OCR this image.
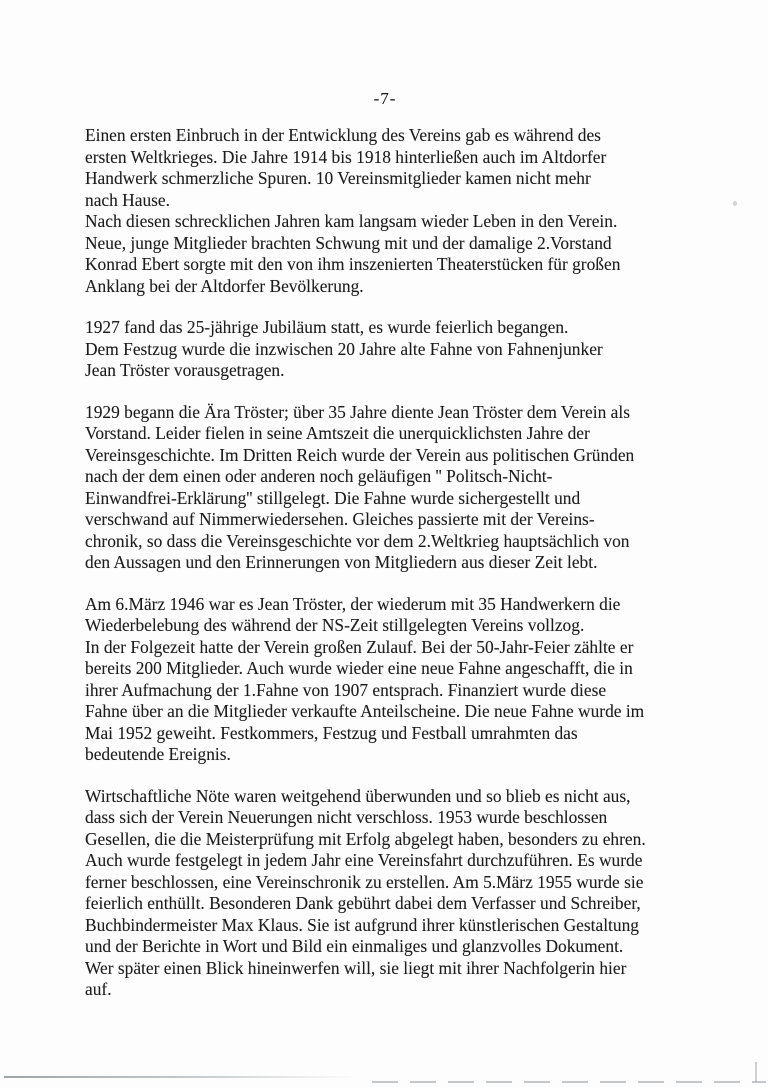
-7-

Einen ersten Einbruch in der Entwicklung des Vereins gab es während des
ersten Weltkrieges. Die Jahre 1914 bis 1918 hinterließen auch im Altdorfer
Handwerk schmerzliche Spuren. 10 Vereinsmitglieder kamen nicht mehr
nach Hause.
Nach diesen schrecklichen Jahren kam langsam wieder Leben in den Verein.
Neue, junge Mitglieder brachten Schwung mit und der damalige 2.Vorstand
Konrad Ebert sorgte mit den von ihm inszenierten Theaterstücken für großen
Anklang bei der Altdorfer Bevölkerung.

1927 fand das 25-jährige Jubiläum statt, es wurde feierlich begangen.
Dem Festzug wurde die inzwischen 20 Jahre alte Fahne von Fahnenjunker
Jean Tröster vorausgetragen.

1929 begann die Ära Tröster; über 35 Jahre diente Jean Tröster dem Verein als
Vorstand. Leider fielen in seine Amtszeit die unerquicklichsten Jahre der
Vereinsgeschichte. Im Dritten Reich wurde der Verein aus politischen Gründen
nach der dem einen oder anderen noch geläufigen '' Politsch-Nicht-
Einwandfrei-Erklärung'' stillgelegt. Die Fahne wurde sichergestellt und
verschwand auf Nimmerwiedersehen. Gleiches passierte mit der Vereins-
chronik, so dass die Vereinsgeschichte vor dem 2.Weltkrieg hauptsächlich von
den Aussagen und den Erinnerungen von Mitgliedern aus dieser Zeit lebt.

Am 6.März 1946 war es Jean Tröster, der wiederum mit 35 Handwerkern die
Wiederbelebung des während der NS-Zeit stillgelegten Vereins vollzog.
In der Folgezeit hatte der Verein großen Zulauf. Bei der 50-Jahr-Feier zählte er
bereits 200 Mitglieder. Auch wurde wieder eine neue Fahne angeschafft, die in
ihrer Aufmachung der 1.Fahne von 1907 entsprach. Finanziert wurde diese
Fahne über an die Mitglieder verkaufte Anteilscheine. Die neue Fahne wurde im
Mai 1952 geweiht. Festkommers, Festzug und Festball umrahmten das
bedeutende Ereignis.

Wirtschaftliche Nöte waren weitgehend überwunden und so blieb es nicht aus,
dass sich der Verein Neuerungen nicht verschloss. 1953 wurde beschlossen
Gesellen, die die Meisterprüfung mit Erfolg abgelegt haben, besonders zu ehren.
Auch wurde festgelegt in jedem Jahr eine Vereinsfahrt durchzuführen. Es wurde
ferner beschlossen, eine Vereinschronik zu erstellen. Am 5.März 1955 wurde sie
feierlich enthüllt. Besonderen Dank gebührt dabei dem Verfasser und Schreiber,
Buchbindermeister Max Klaus. Sie ist aufgrund ihrer künstlerischen Gestaltung
und der Berichte in Wort und Bild ein einmaliges und glanzvolles Dokument.
Wer später einen Blick hineinwerfen will, sie liegt mit ihrer Nachfolgerin hier
auf.
